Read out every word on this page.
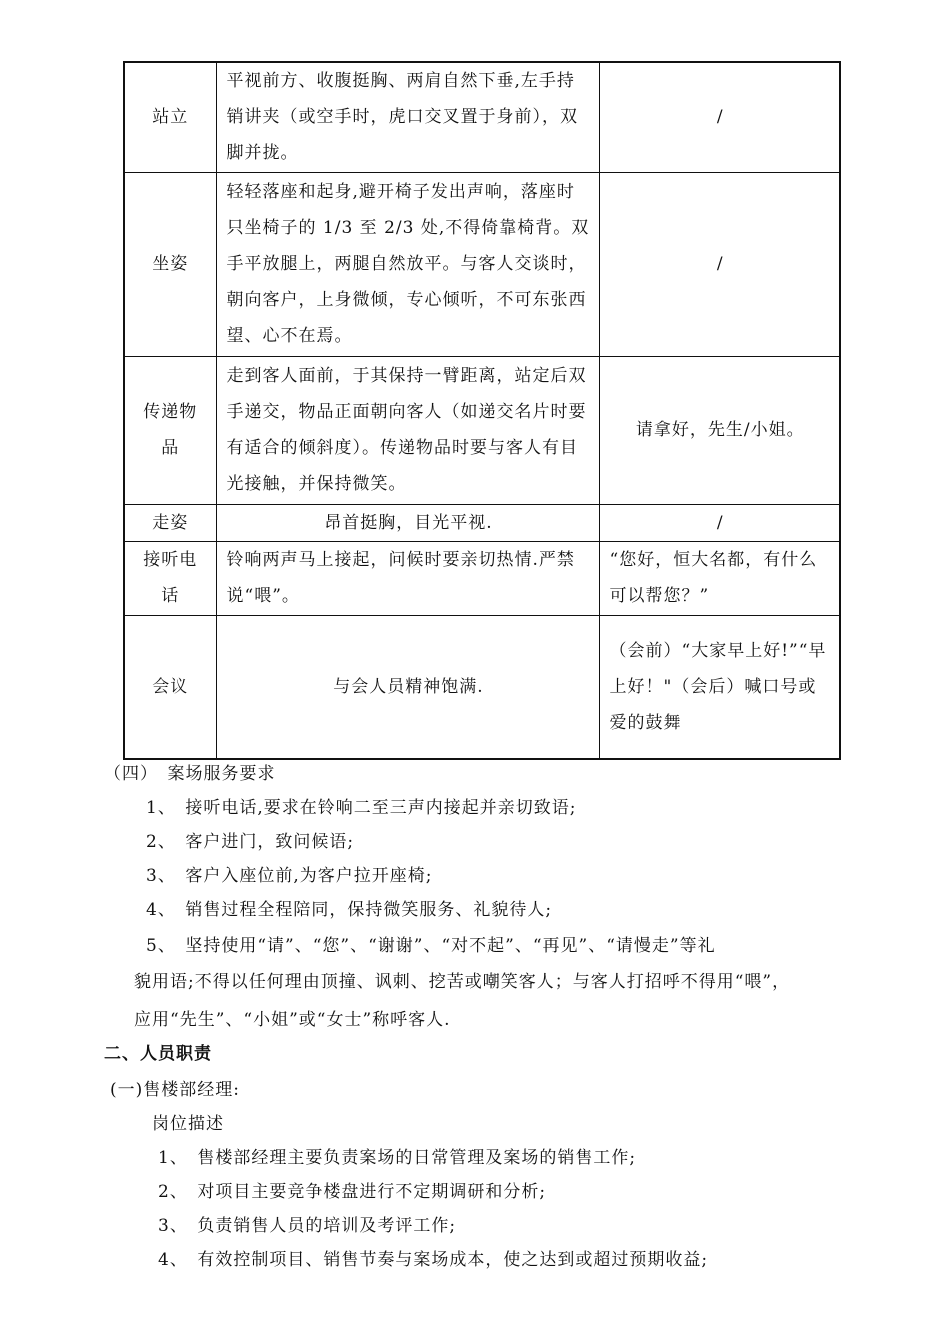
站立	平视前方、收腹挺胸、两肩自然下垂,左手持销讲夹（或空手时，虎口交叉置于身前），双脚并拢。	/
坐姿	轻轻落座和起身,避开椅子发出声响，落座时只坐椅子的 1/3 至 2/3 处,不得倚靠椅背。双手平放腿上，两腿自然放平。与客人交谈时，朝向客户，上身微倾，专心倾听，不可东张西望、心不在焉。	/
传递物品	走到客人面前，于其保持一臂距离，站定后双手递交，物品正面朝向客人（如递交名片时要有适合的倾斜度）。传递物品时要与客人有目光接触，并保持微笑。	请拿好，先生/小姐。
走姿	昂首挺胸，目光平视.	/
接听电话	铃响两声马上接起，问候时要亲切热情.严禁说“喂”。	“您好，恒大名都，有什么可以帮您？”
会议	与会人员精神饱满.	（会前）“大家早上好!”“早上好！"（会后）喊口号或爱的鼓舞
（四）　案场服务要求
1、　接听电话,要求在铃响二至三声内接起并亲切致语;
2、　客户进门，致问候语;
3、　客户入座位前,为客户拉开座椅;
4、　销售过程全程陪同，保持微笑服务、礼貌待人;
5、　坚持使用“请”、“您”、“谢谢”、“对不起”、“再见”、“请慢走”等礼
貌用语;不得以任何理由顶撞、讽刺、挖苦或嘲笑客人；与客人打招呼不得用“喂”，
应用“先生”、“小姐”或“女士”称呼客人.
二、人员职责
(一)售楼部经理:
岗位描述
1、　售楼部经理主要负责案场的日常管理及案场的销售工作;
2、　对项目主要竞争楼盘进行不定期调研和分析;
3、　负责销售人员的培训及考评工作;
4、　有效控制项目、销售节奏与案场成本，使之达到或超过预期收益;
